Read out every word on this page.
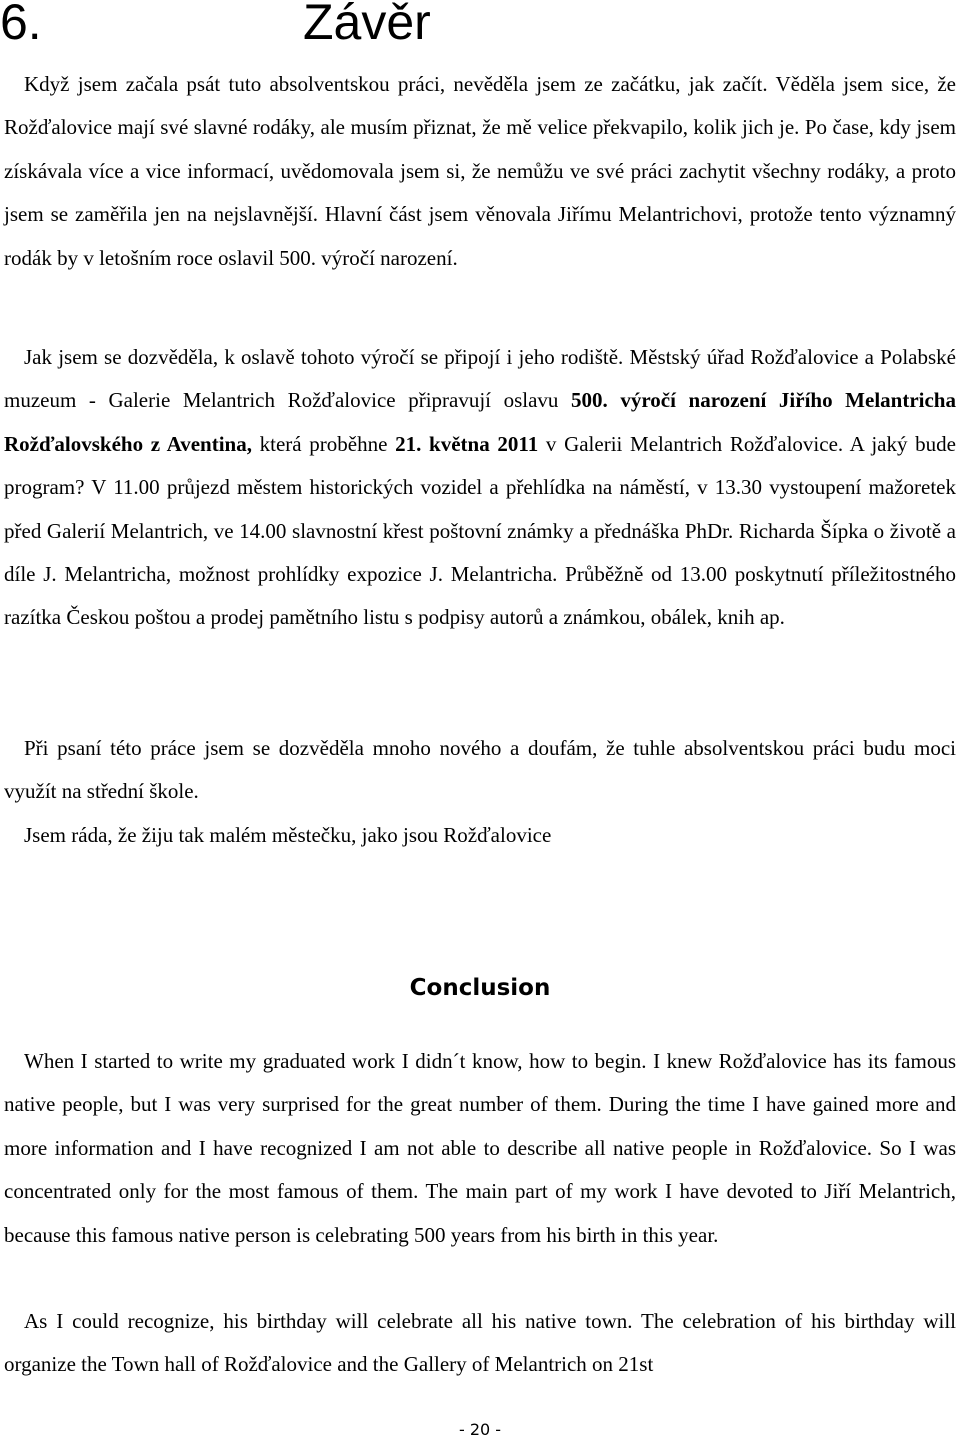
6.	Závěr

Když jsem začala psát tuto absolventskou práci, nevěděla jsem ze začátku, jak začít. Věděla jsem sice, že Rožďalovice mají své slavné rodáky, ale musím přiznat, že mě velice překvapilo, kolik jich je. Po čase, kdy jsem získávala více a vice informací, uvědomovala jsem si, že nemůžu ve své práci zachytit všechny rodáky, a proto jsem se zaměřila jen na nejslavnější. Hlavní část jsem věnovala Jiřímu Melantrichovi, protože tento významný rodák by v letošním roce oslavil 500. výročí narození.

Jak jsem se dozvěděla, k oslavě tohoto výročí se připojí i jeho rodiště. Městský úřad Rožďalovice a Polabské muzeum - Galerie Melantrich Rožďalovice připravují oslavu 500. výročí narození Jiřího Melantricha Rožďalovského z Aventina, která proběhne 21. května 2011 v Galerii Melantrich Rožďalovice. A jaký bude program? V 11.00 průjezd městem historických vozidel a přehlídka na náměstí, v 13.30 vystoupení mažoretek před Galerií Melantrich, ve 14.00 slavnostní křest poštovní známky a přednáška PhDr. Richarda Šípka o životě a díle J. Melantricha, možnost prohlídky expozice J. Melantricha. Průběžně od 13.00 poskytnutí příležitostného razítka Českou poštou a prodej pamětního listu s podpisy autorů a známkou, obálek, knih ap.

Při psaní této práce jsem se dozvěděla mnoho nového a doufám, že tuhle absolventskou práci budu moci využít na střední škole.

Jsem ráda, že žiju tak malém městečku, jako jsou Rožďalovice

Conclusion

When I started to write my graduated work I didn´t know, how to begin. I knew Rožďalovice has its famous native people, but I was very surprised for the great number of them. During the time I have gained more and more information and I have recognized I am not able to describe all native people in Rožďalovice. So I was concentrated only for the most famous of them. The main part of my work I have devoted to Jiří Melantrich, because this famous native person is celebrating 500 years from his birth in this year.

As I could recognize, his birthday will celebrate all his native town. The celebration of his birthday will organize the Town hall of Rožďalovice and the Gallery of Melantrich on 21st

- 20 -
